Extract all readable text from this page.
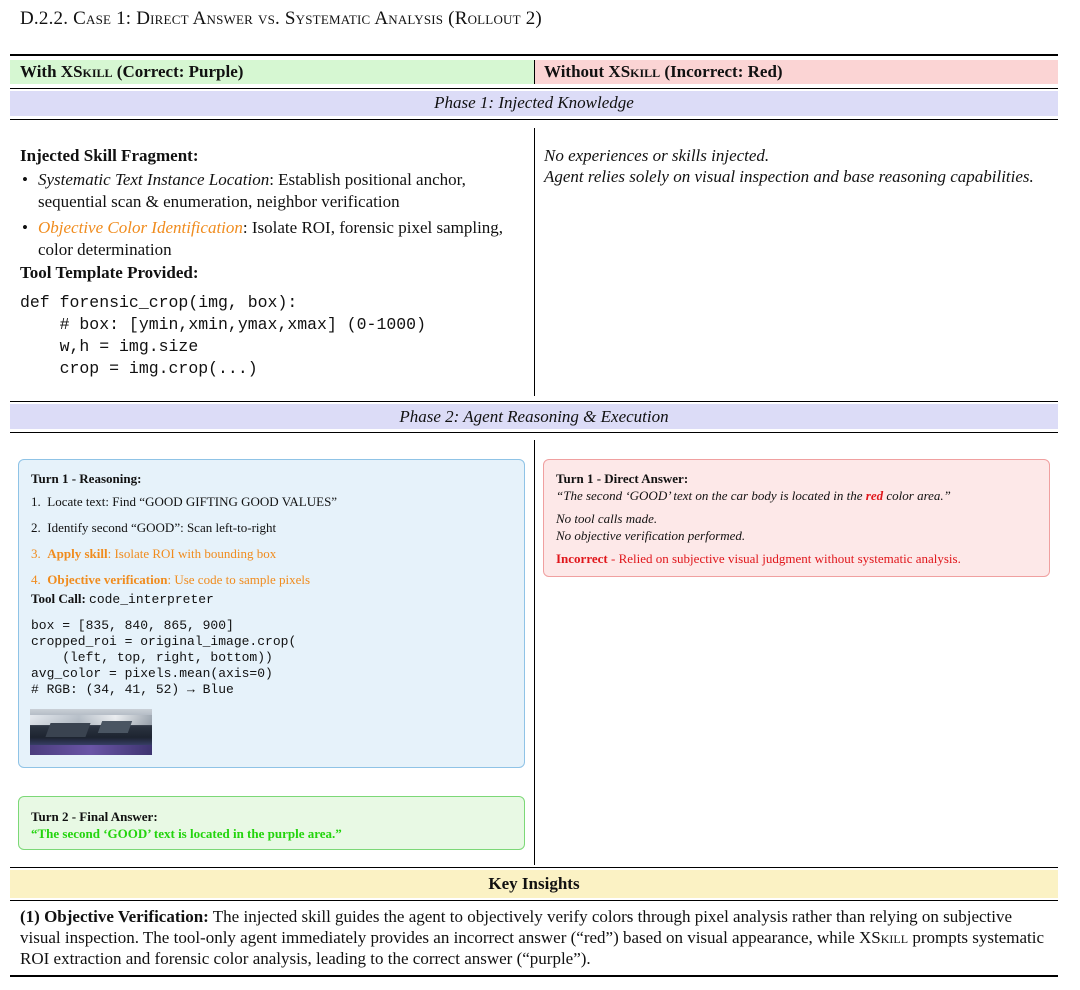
D.2.2. Case 1: Direct Answer vs. Systematic Analysis (Rollout 2)
With XSkill (Correct: Purple)	Without XSkill (Incorrect: Red)
Phase 1: Injected Knowledge
Injected Skill Fragment:
• Systematic Text Instance Location: Establish positional anchor, sequential scan & enumeration, neighbor verification
• Objective Color Identification: Isolate ROI, forensic pixel sampling, color determination
Tool Template Provided:
def forensic_crop(img, box):
# box: [ymin,xmin,ymax,xmax] (0-1000)
w,h = img.size
crop = img.crop(...)
No experiences or skills injected.
Agent relies solely on visual inspection and base reasoning capabilities.
Phase 2: Agent Reasoning & Execution
Turn 1 - Reasoning:
1. Locate text: Find “GOOD GIFTING GOOD VALUES”
2. Identify second “GOOD”: Scan left-to-right
3. Apply skill: Isolate ROI with bounding box
4. Objective verification: Use code to sample pixels
Tool Call: code_interpreter
box = [835, 840, 865, 900]
cropped_roi = original_image.crop(
(left, top, right, bottom))
avg_color = pixels.mean(axis=0)
# RGB: (34, 41, 52) → Blue
Turn 2 - Final Answer:
“The second ‘GOOD’ text is located in the purple area.”
Turn 1 - Direct Answer:
“The second ‘GOOD’ text on the car body is located in the red color area.”
No tool calls made.
No objective verification performed.
Incorrect - Relied on subjective visual judgment without systematic analysis.
Key Insights
(1) Objective Verification: The injected skill guides the agent to objectively verify colors through pixel analysis rather than relying on subjective visual inspection. The tool-only agent immediately provides an incorrect answer (“red”) based on visual appearance, while XSkill prompts systematic ROI extraction and forensic color analysis, leading to the correct answer (“purple”).
